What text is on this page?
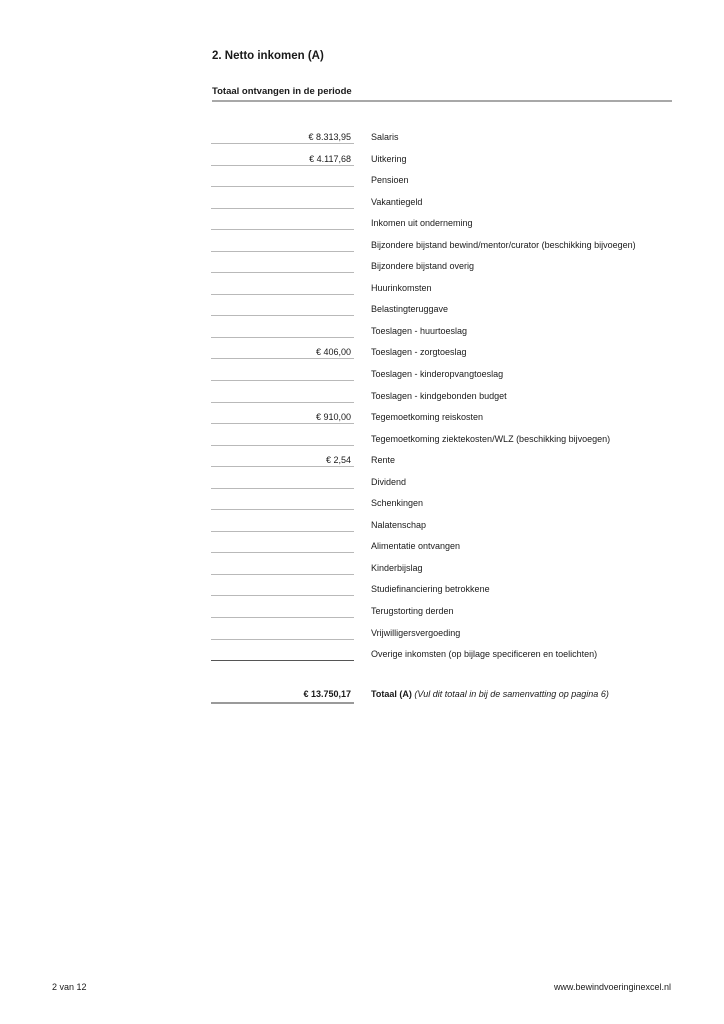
2. Netto inkomen (A)
Totaal ontvangen in de periode
€ 8.313,95	Salaris
€ 4.117,68	Uitkering
Pensioen
Vakantiegeld
Inkomen uit onderneming
Bijzondere bijstand bewind/mentor/curator (beschikking bijvoegen)
Bijzondere bijstand overig
Huurinkomsten
Belastingteruggave
Toeslagen - huurtoeslag
€ 406,00	Toeslagen - zorgtoeslag
Toeslagen - kinderopvangtoeslag
Toeslagen - kindgebonden budget
€ 910,00	Tegemoetkoming reiskosten
Tegemoetkoming ziektekosten/WLZ (beschikking bijvoegen)
€ 2,54	Rente
Dividend
Schenkingen
Nalatenschap
Alimentatie ontvangen
Kinderbijslag
Studiefinanciering betrokkene
Terugstorting derden
Vrijwilligersvergoeding
Overige inkomsten (op bijlage specificeren en toelichten)
€ 13.750,17	Totaal (A) (Vul dit totaal in bij de samenvatting op pagina 6)
2 van 12	www.bewindvoeringinexcel.nl
